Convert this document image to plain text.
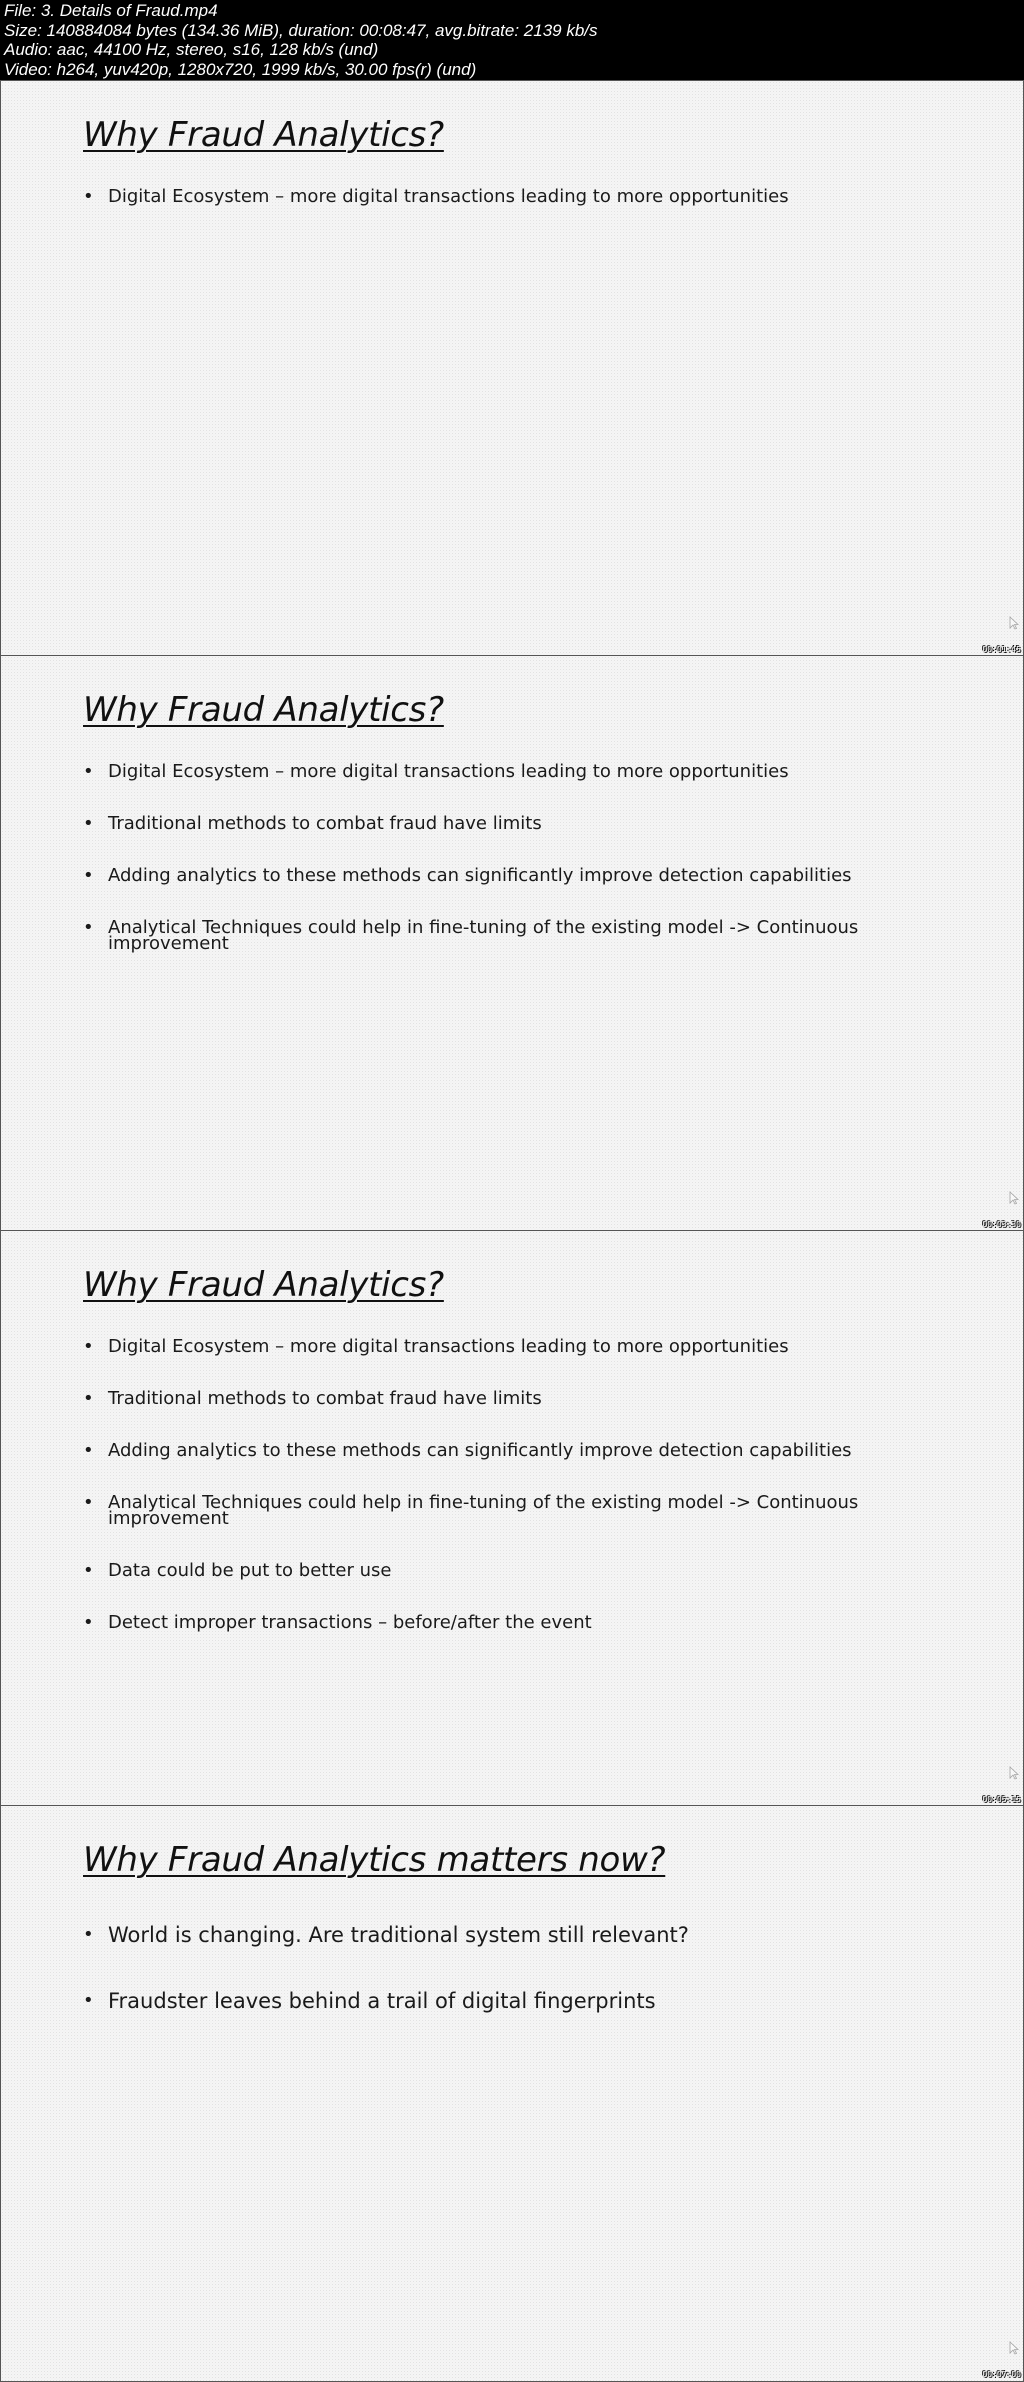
File: 3. Details of Fraud.mp4
Size: 140884084 bytes (134.36 MiB), duration: 00:08:47, avg.bitrate: 2139 kb/s
Audio: aac, 44100 Hz, stereo, s16, 128 kb/s (und)
Video: h264, yuv420p, 1280x720, 1999 kb/s, 30.00 fps(r) (und)
Why Fraud Analytics?
• Digital Ecosystem – more digital transactions leading to more opportunities
00:01:45
Why Fraud Analytics?
• Digital Ecosystem – more digital transactions leading to more opportunities
• Traditional methods to combat fraud have limits
• Adding analytics to these methods can significantly improve detection capabilities
• Analytical Techniques could help in fine-tuning of the existing model -> Continuous improvement
00:03:30
Why Fraud Analytics?
• Digital Ecosystem – more digital transactions leading to more opportunities
• Traditional methods to combat fraud have limits
• Adding analytics to these methods can significantly improve detection capabilities
• Analytical Techniques could help in fine-tuning of the existing model -> Continuous improvement
• Data could be put to better use
• Detect improper transactions – before/after the event
00:05:15
Why Fraud Analytics matters now?
• World is changing. Are traditional system still relevant?
• Fraudster leaves behind a trail of digital fingerprints
00:07:00
